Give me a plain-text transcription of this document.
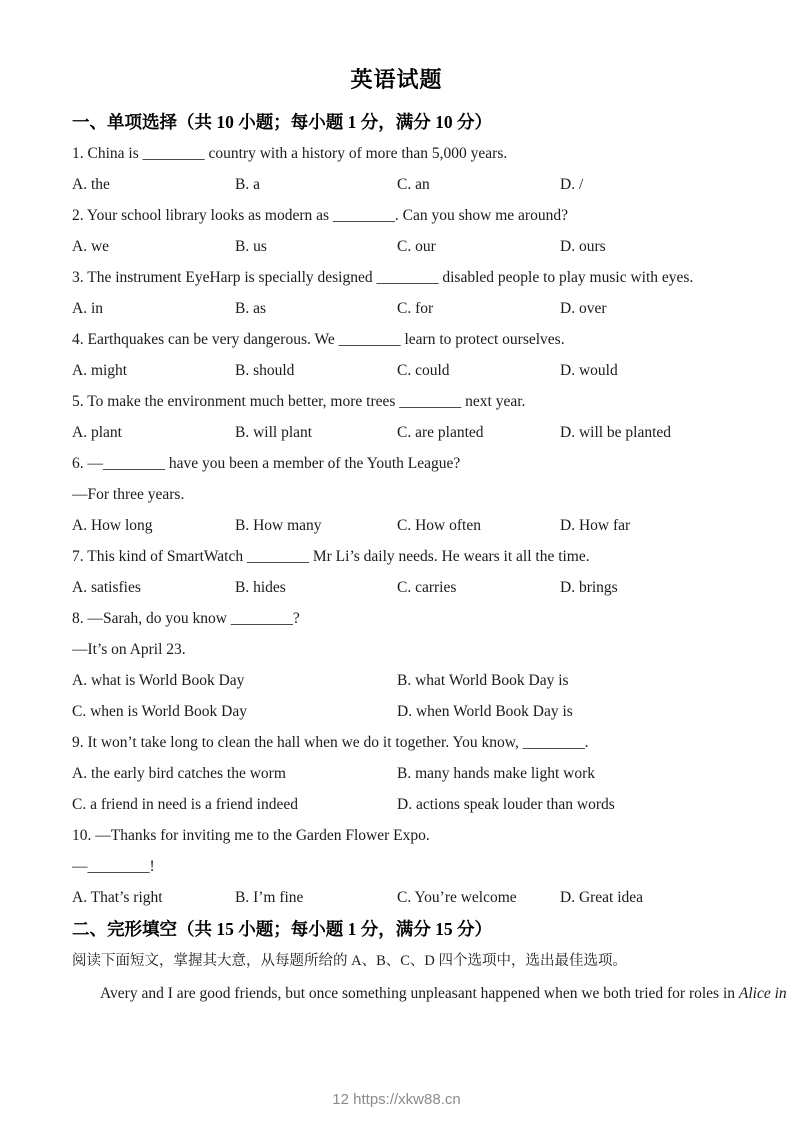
英语试题
一、单项选择（共 10 小题；每小题 1 分，满分 10 分）

1. China is ________ country with a history of more than 5,000 years.

A. the	B. a	C. an	D. /

2. Your school library looks as modern as ________. Can you show me around?

A. we	B. us	C. our	D. ours

3. The instrument EyeHarp is specially designed ________ disabled people to play music with eyes.

A. in	B. as	C. for	D. over

4. Earthquakes can be very dangerous. We ________ learn to protect ourselves.

A. might	B. should	C. could	D. would

5. To make the environment much better, more trees ________ next year.

A. plant	B. will plant	C. are planted	D. will be planted

6. —________ have you been a member of the Youth League?

—For three years.

A. How long	B. How many	C. How often	D. How far

7. This kind of SmartWatch ________ Mr Li’s daily needs. He wears it all the time.

A. satisfies	B. hides	C. carries	D. brings

8. —Sarah, do you know ________?

—It’s on April 23.

A. what is World Book Day	B. what World Book Day is
C. when is World Book Day	D. when World Book Day is

9. It won’t take long to clean the hall when we do it together. You know, ________.

A. the early bird catches the worm	B. many hands make light work
C. a friend in need is a friend indeed	D. actions speak louder than words

10. —Thanks for inviting me to the Garden Flower Expo.

—________!

A. That’s right	B. I’m fine	C. You’re welcome	D. Great idea
二、完形填空（共 15 小题；每小题 1 分，满分 15 分）

阅读下面短文，掌握其大意，从每题所给的 A、B、C、D 四个选项中，选出最佳选项。

Avery and I are good friends, but once something unpleasant happened when we both tried for roles in Alice in

12 https://xkw88.cn
